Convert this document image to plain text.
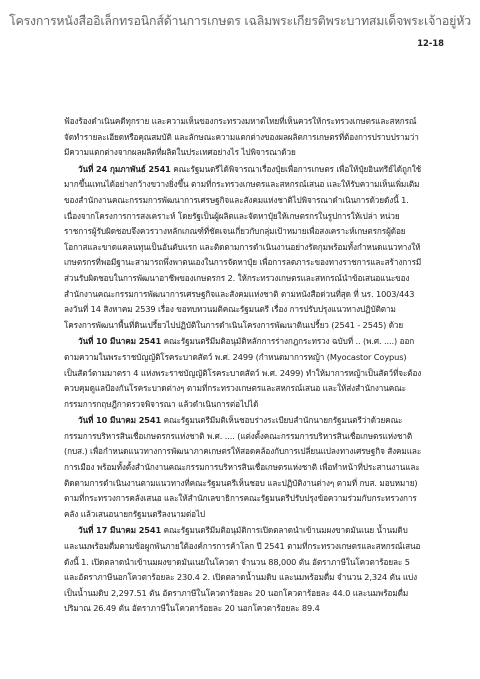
โครงการหนังสืออิเล็กทรอนิกส์ด้านการเกษตร เฉลิมพระเกียรติพระบาทสมเด็จพระเจ้าอยู่หัว
12-18

ฟ้องร้องดำเนินคดีทุกราย และความเห็นของกระทรวงมหาดไทยที่เห็นควรให้กระทรวงเกษตรและสหกรณ์จัดทำรายละเอียดหรือคุณสมบัติ และลักษณะความแตกต่างของผลผลิตการเกษตรที่ต้องการปราบปรามว่ามีความแตกต่างจากผลผลิตที่ผลิตในประเทศอย่างไร ไปพิจารณาด้วย

วันที่ 24 กุมภาพันธ์ 2541 คณะรัฐมนตรีได้พิจารณาเรื่องปุ๋ยเพื่อการเกษตร เพื่อให้ปุ๋ยอินทรีย์ได้ถูกใช้มากขึ้นแทนได้อย่างกว้างขวางยิ่งขึ้น ตามที่กระทรวงเกษตรและสหกรณ์เสนอ และให้รับความเห็นเพิ่มเติมของสำนักงานคณะกรรมการพัฒนาการเศรษฐกิจและสังคมแห่งชาติไปพิจารณาดำเนินการด้วยดังนี้ 1. เนื่องจากโครงการการสงเคราะห์ โดยรัฐเป็นผู้ผลิตและจัดหาปุ๋ยให้เกษตรกรในรูปการให้เปล่า หน่วยราชการผู้รับผิดชอบจึงควรวางหลักเกณฑ์ที่ชัดเจนเกี่ยวกับกลุ่มเป้าหมายเพื่อสงเคราะห์เกษตรกรผู้ด้อยโอกาสและขาดแคลนทุนเป็นอันดับแรก และติดตามการดำเนินงานอย่างรัดกุมพร้อมทั้งกำหนดแนวทางให้เกษตรกรที่พอมีฐานะสามารถพึ่งพาตนเองในการจัดหาปุ๋ย เพื่อการลดภาระของทางราชการและสร้างการมีส่วนรับผิดชอบในการพัฒนาอาชีพของเกษตรกร 2. ให้กระทรวงเกษตรและสหกรณ์นำข้อเสนอแนะของสำนักงานคณะกรรมการพัฒนาการเศรษฐกิจและสังคมแห่งชาติ ตามหนังสือด่วนที่สุด ที่ นร. 1003/443 ลงวันที่ 14 สิงหาคม 2539 เรื่อง ขอทบทวนมติคณะรัฐมนตรี เรื่อง การปรับปรุงแนวทางปฏิบัติตามโครงการพัฒนาพื้นที่ดินเปรี้ยวไปปฏิบัติในการดำเนินโครงการพัฒนาดินเปรี้ยว (2541 - 2545) ด้วย

วันที่ 10 มีนาคม 2541 คณะรัฐมนตรีมีมติอนุมัติหลักการร่างกฎกระทรวง ฉบับที่ .. (พ.ศ. ....) ออกตามความในพระราชบัญญัติโรคระบาดสัตว์ พ.ศ. 2499 (กำหนดมาการหญ้า (Myocastor Coypus) เป็นสัตว์ตามมาตรา 4 แห่งพระราชบัญญัติโรคระบาดสัตว์ พ.ศ. 2499) ทำให้มาการหญ้าเป็นสัตว์ที่จะต้องควบคุมดูแลป้องกันโรคระบาดต่างๆ ตามที่กระทรวงเกษตรและสหกรณ์เสนอ และให้ส่งสำนักงานคณะกรรมการกฤษฎีกาตรวจพิจารณา แล้วดำเนินการต่อไปได้

วันที่ 10 มีนาคม 2541 คณะรัฐมนตรีมีมติเห็นชอบร่างระเบียบสำนักนายกรัฐมนตรีว่าด้วยคณะกรรมการบริหารสินเชื่อเกษตรกรแห่งชาติ พ.ศ. .... (แต่งตั้งคณะกรรมการบริหารสินเชื่อเกษตรแห่งชาติ (กบส.) เพื่อกำหนดแนวทางการพัฒนาภาคเกษตรให้สอดคล้องกับการเปลี่ยนแปลงทางเศรษฐกิจ สังคมและการเมือง พร้อมทั้งตั้งสำนักงานคณะกรรมการบริหารสินเชื่อเกษตรแห่งชาติ เพื่อทำหน้าที่ประสานงานและติดตามการดำเนินงานตามแนวทางที่คณะรัฐมนตรีเห็นชอบ และปฏิบัติงานต่างๆ ตามที่ กบส. มอบหมาย) ตามที่กระทรวงการคลังเสนอ และให้สำนักเลขาธิการคณะรัฐมนตรีปรับปรุงข้อความร่วมกับกระทรวงการคลัง แล้วเสนอนายกรัฐมนตรีลงนามต่อไป

วันที่ 17 มีนาคม 2541 คณะรัฐมนตรีมีมติอนุมัติการเปิดตลาดนำเข้านมผงขาดมันเนย น้ำนมดิบและนมพร้อมดื่มตามข้อผูกพันภายใต้องค์การการค้าโลก ปี 2541 ตามที่กระทรวงเกษตรและสหกรณ์เสนอดังนี้ 1. เปิดตลาดนำเข้านมผงขาดมันเนยในโควตา จำนวน 88,000 ตัน อัตราภาษีในโควตาร้อยละ 5 และอัตราภาษีนอกโควตาร้อยละ 230.4 2. เปิดตลาดน้ำนมดิบ และนมพร้อมดื่ม จำนวน 2,324 ตัน แบ่งเป็นน้ำนมดิบ 2,297.51 ตัน อัตราภาษีในโควตาร้อยละ 20 นอกโควตาร้อยละ 44.0 และนมพร้อมดื่มปริมาณ 26.49 ตัน อัตราภาษีในโควตาร้อยละ 20 นอกโควตาร้อยละ 89.4
